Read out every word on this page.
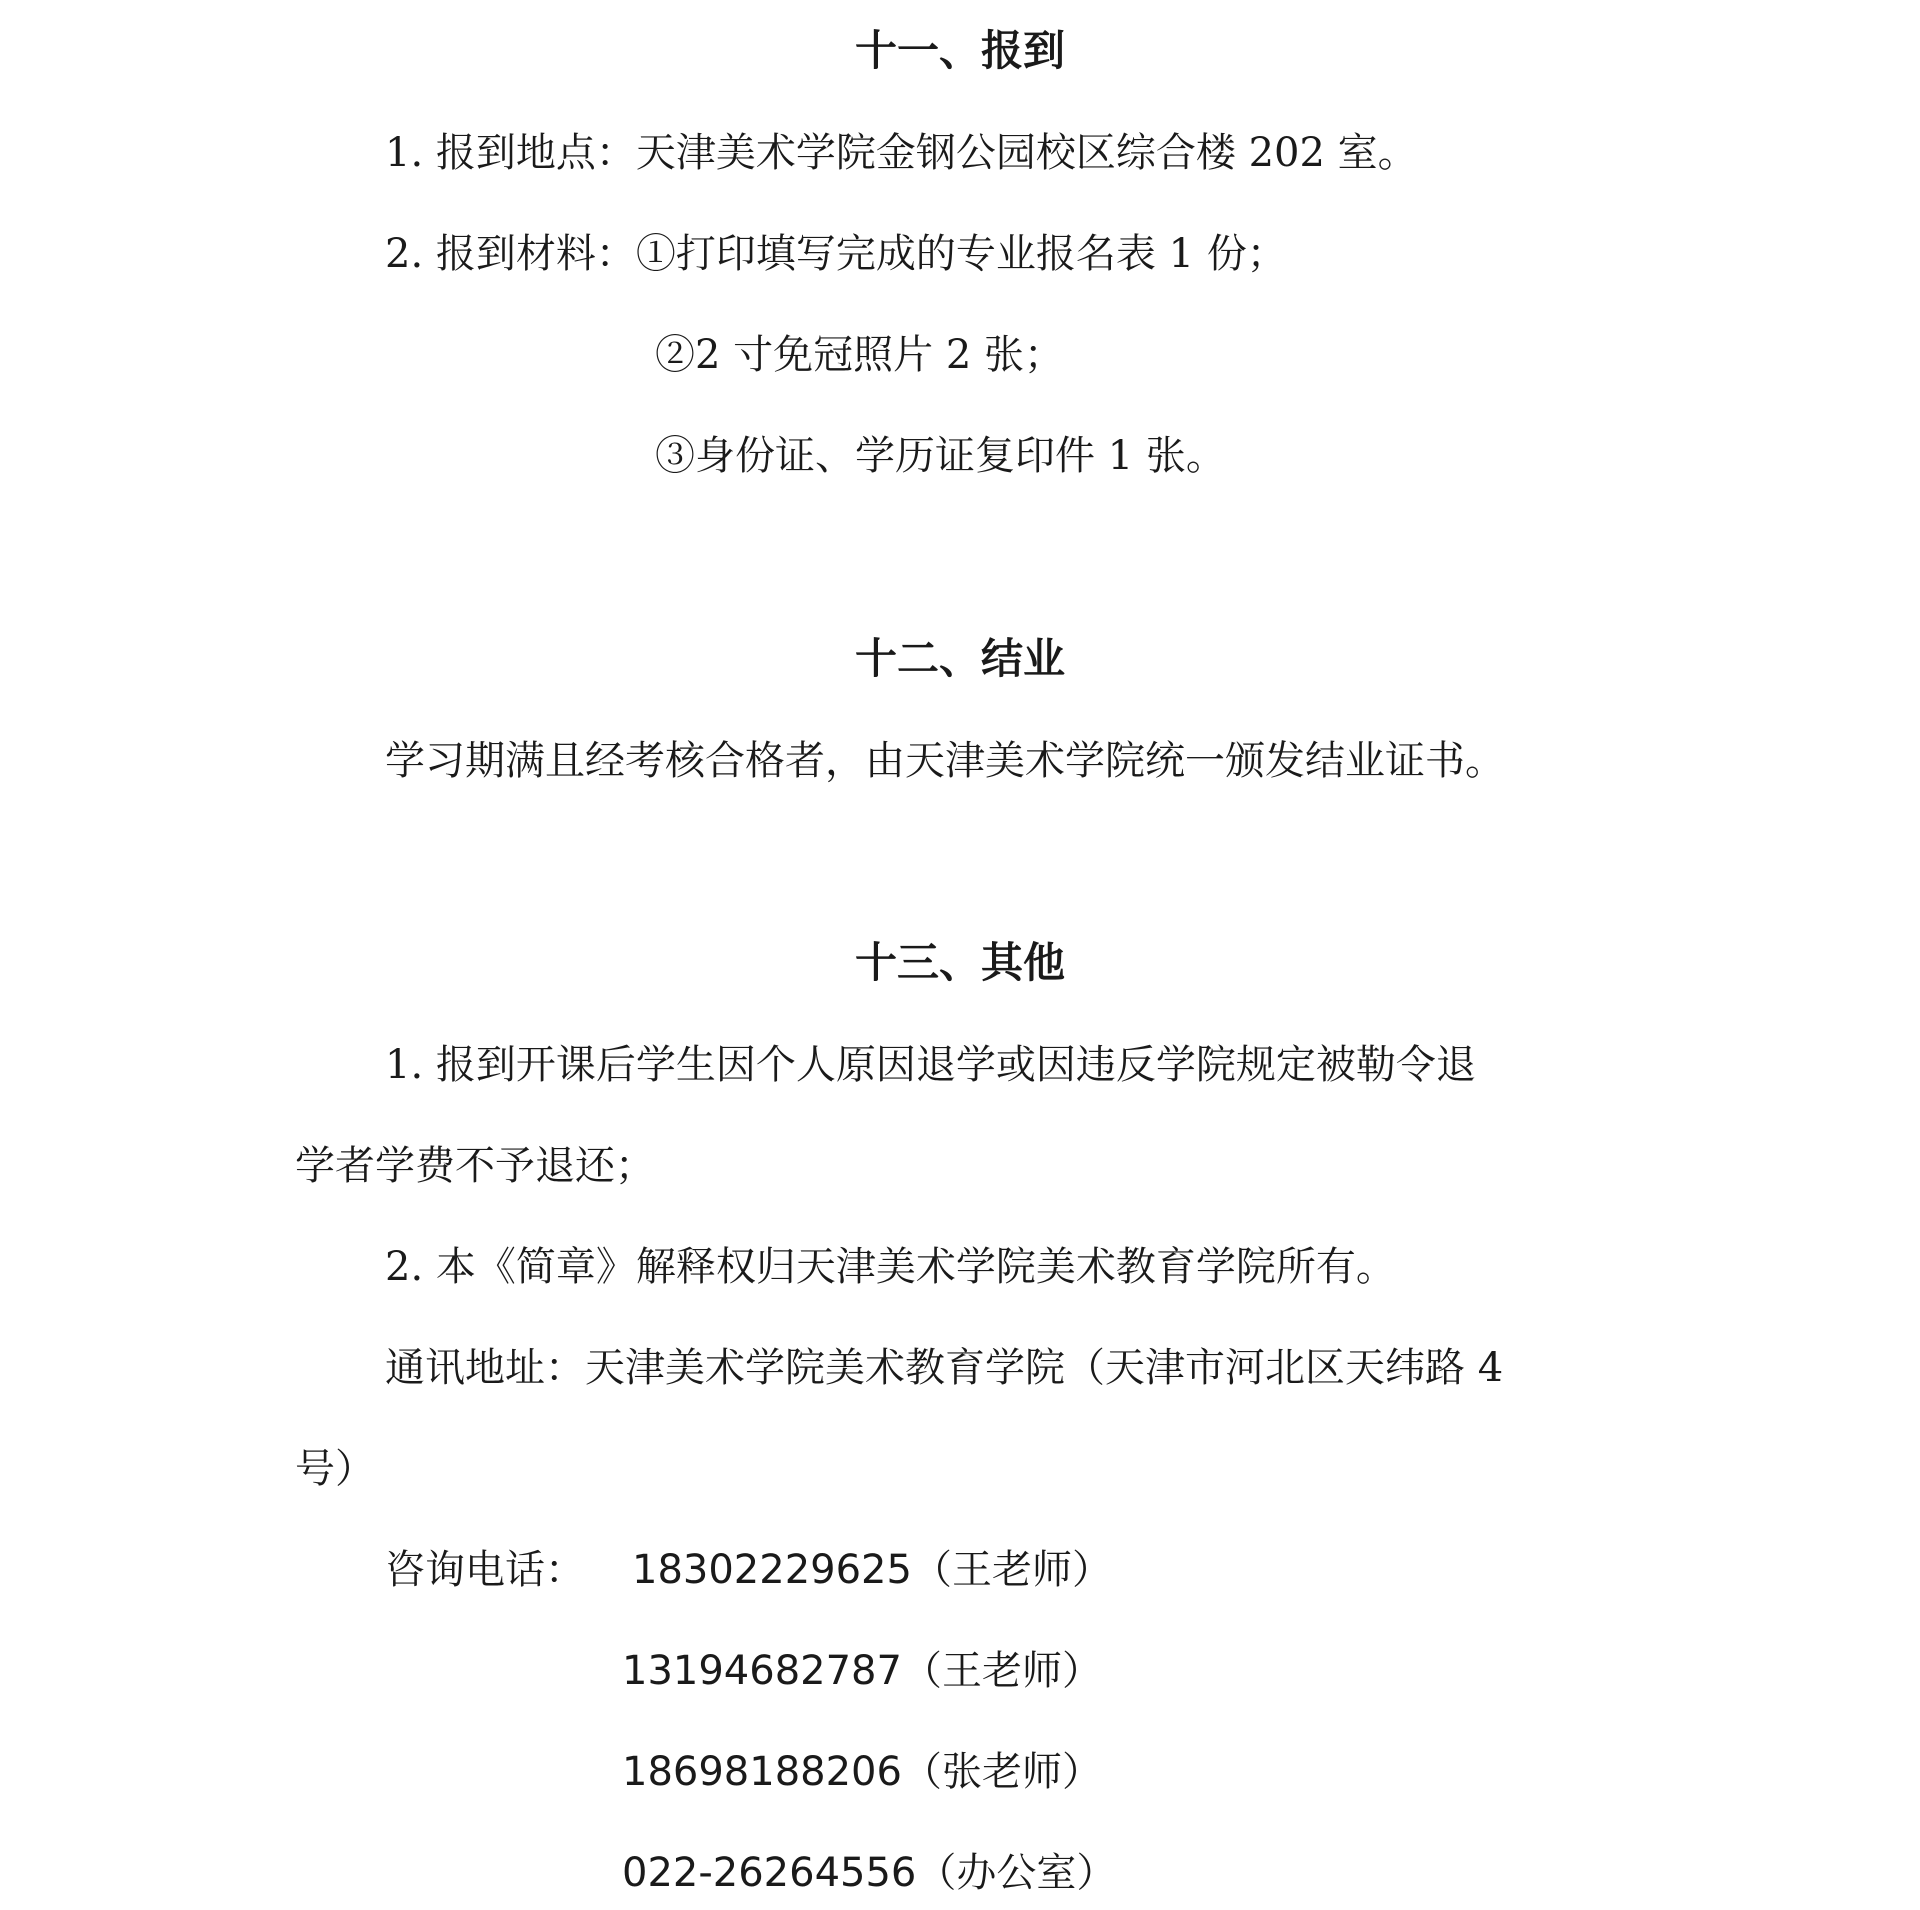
十一、报到
1. 报到地点：天津美术学院金钢公园校区综合楼 202 室。
2. 报到材料：①打印填写完成的专业报名表 1 份；
②2 寸免冠照片 2 张；
③身份证、学历证复印件 1 张。
十二、结业
学习期满且经考核合格者，由天津美术学院统一颁发结业证书。
十三、其他
1. 报到开课后学生因个人原因退学或因违反学院规定被勒令退
学者学费不予退还；
2. 本《简章》解释权归天津美术学院美术教育学院所有。
通讯地址：天津美术学院美术教育学院（天津市河北区天纬路 4
号）
咨询电话： 18302229625（王老师）
13194682787（王老师）
18698188206（张老师）
022-26264556（办公室）
